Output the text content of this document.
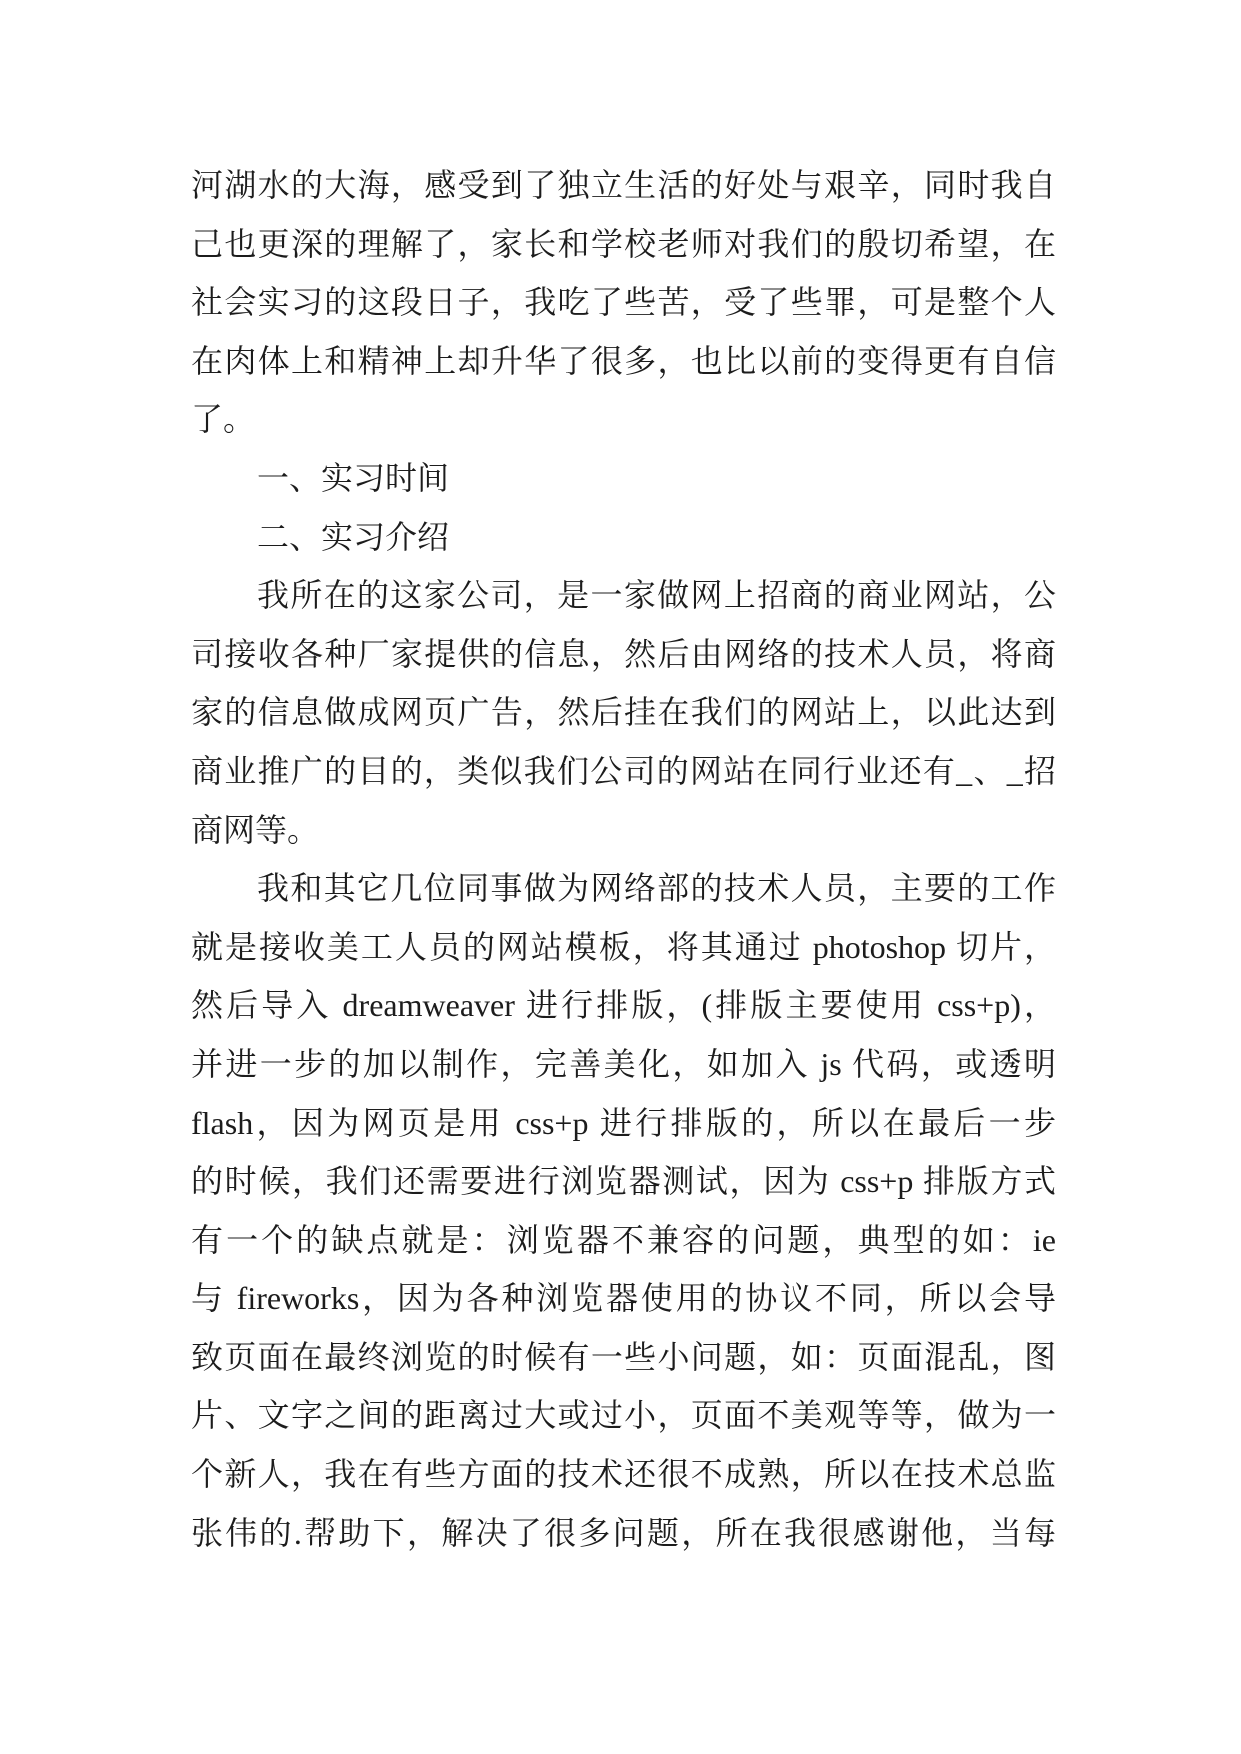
河湖水的大海，感受到了独立生活的好处与艰辛，同时我自
己也更深的理解了，家长和学校老师对我们的殷切希望，在
社会实习的这段日子，我吃了些苦，受了些罪，可是整个人
在肉体上和精神上却升华了很多，也比以前的变得更有自信
了。
一、实习时间
二、实习介绍
我所在的这家公司，是一家做网上招商的商业网站，公
司接收各种厂家提供的信息，然后由网络的技术人员，将商
家的信息做成网页广告，然后挂在我们的网站上，以此达到
商业推广的目的，类似我们公司的网站在同行业还有_、_招
商网等。
我和其它几位同事做为网络部的技术人员，主要的工作
就是接收美工人员的网站模板，将其通过 photoshop 切片，
然后导入 dreamweaver 进行排版，(排版主要使用 css+p)，
并进一步的加以制作，完善美化，如加入 js 代码，或透明
flash，因为网页是用 css+p 进行排版的，所以在最后一步
的时候，我们还需要进行浏览器测试，因为 css+p 排版方式
有一个的缺点就是：浏览器不兼容的问题，典型的如：ie
与 fireworks，因为各种浏览器使用的协议不同，所以会导
致页面在最终浏览的时候有一些小问题，如：页面混乱，图
片、文字之间的距离过大或过小，页面不美观等等，做为一
个新人，我在有些方面的技术还很不成熟，所以在技术总监
张伟的.帮助下，解决了很多问题，所在我很感谢他，当每
